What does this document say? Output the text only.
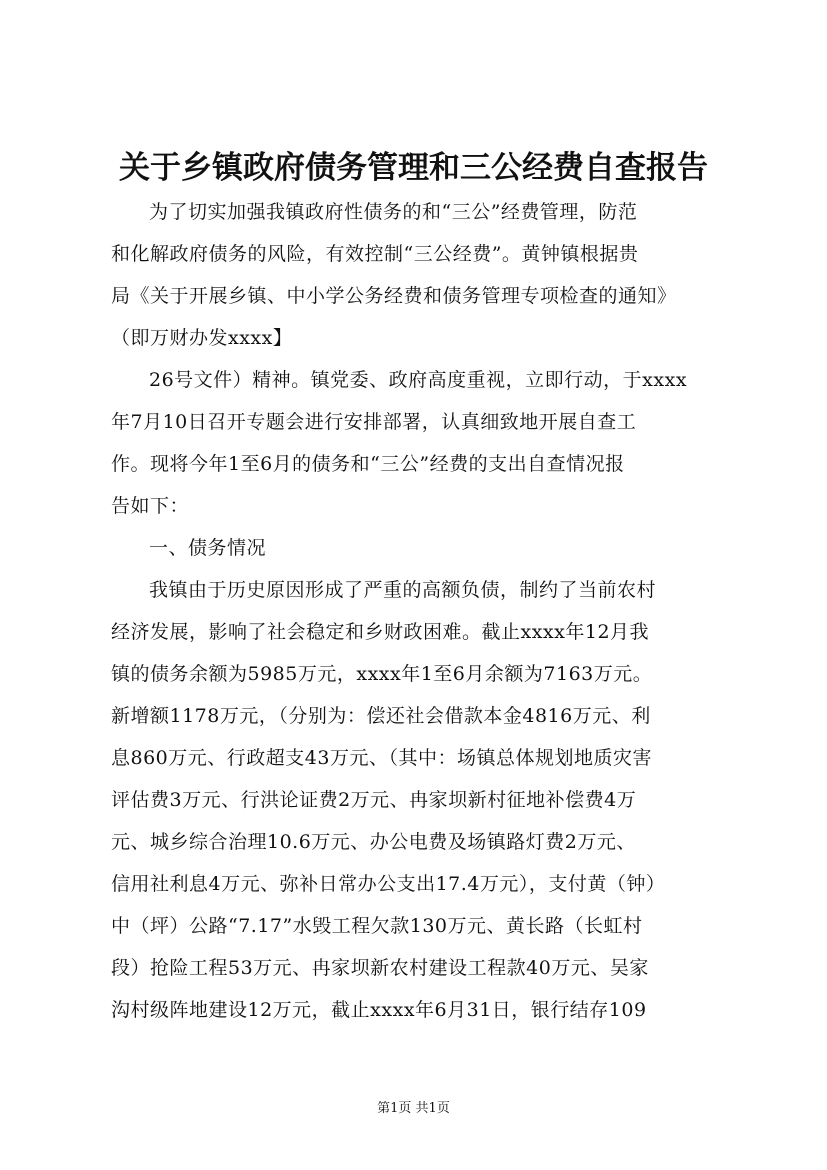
关于乡镇政府债务管理和三公经费自查报告
为了切实加强我镇政府性债务的和“三公”经费管理，防范
和化解政府债务的风险，有效控制“三公经费”。黄钟镇根据贵
局《关于开展乡镇、中小学公务经费和债务管理专项检查的通知》
（即万财办发xxxx】
26号文件）精神。镇党委、政府高度重视，立即行动，于xxxx
年7月10日召开专题会进行安排部署，认真细致地开展自查工
作。现将今年1至6月的债务和“三公”经费的支出自查情况报
告如下：
一、债务情况
我镇由于历史原因形成了严重的高额负债，制约了当前农村
经济发展，影响了社会稳定和乡财政困难。截止xxxx年12月我
镇的债务余额为5985万元，xxxx年1至6月余额为7163万元。
新增额1178万元，（分别为：偿还社会借款本金4816万元、利
息860万元、行政超支43万元、（其中：场镇总体规划地质灾害
评估费3万元、行洪论证费2万元、冉家坝新村征地补偿费4万
元、城乡综合治理10.6万元、办公电费及场镇路灯费2万元、
信用社利息4万元、弥补日常办公支出17.4万元），支付黄（钟）
中（坪）公路“7.17”水毁工程欠款130万元、黄长路（长虹村
段）抢险工程53万元、冉家坝新农村建设工程款40万元、吴家
沟村级阵地建设12万元，截止xxxx年6月31日，银行结存109
第1页 共1页
